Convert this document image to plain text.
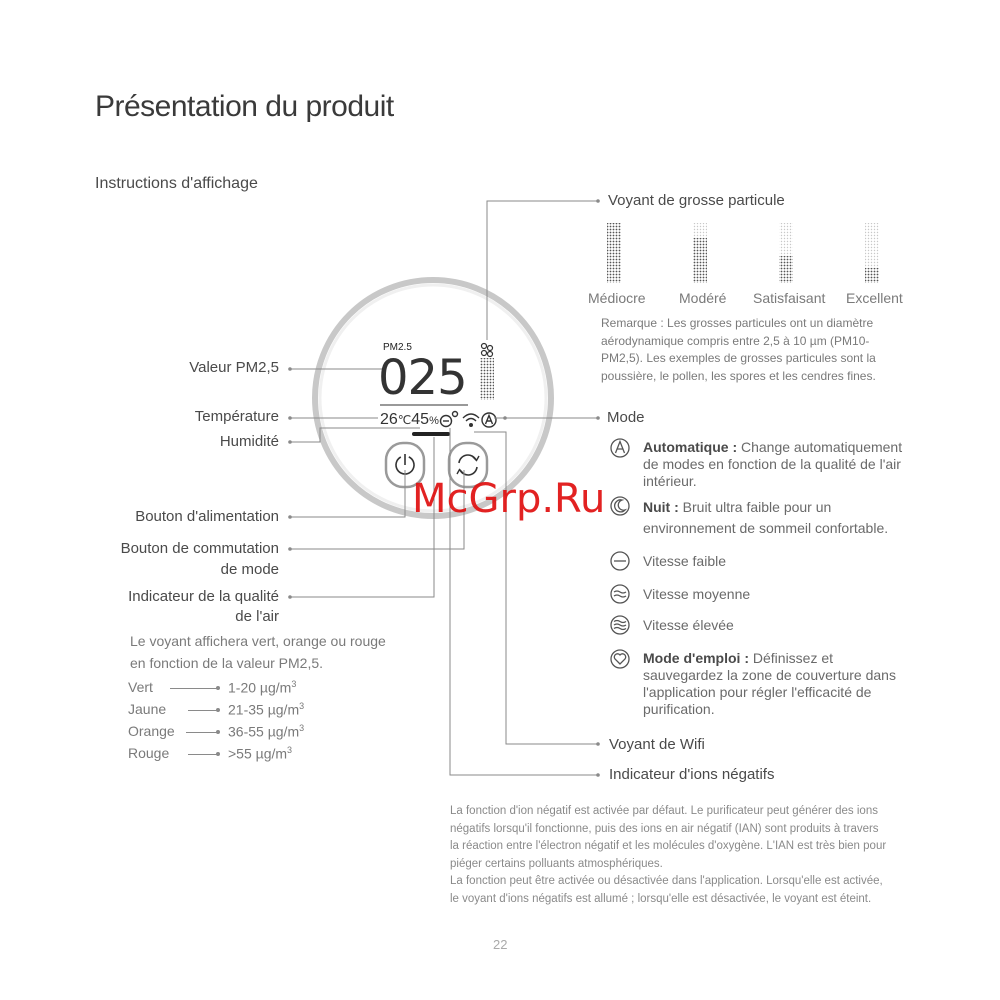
Présentation du produit
Instructions d'affichage
PM2.5
025
26℃45%
Valeur PM2,5
Température
Humidité
Bouton d'alimentation
Bouton de commutation
de mode
Indicateur de la qualité
de l'air
Le voyant affichera vert, orange ou rouge
en fonction de la valeur PM2,5.
Vert	1-20 $\mu g/m^3$
Jaune	21-35 $\mu g/m^3$
Orange	36-55 $\mu g/m^3$
Rouge	>55 $\mu g/m^3$
Voyant de grosse particule
Médiocre Modéré Satisfaisant Excellent
Remarque : Les grosses particules ont un diamètre
aérodynamique compris entre 2,5 à 10 µm (PM10-
PM2,5). Les exemples de grosses particules sont la
poussière, le pollen, les spores et les cendres fines.
Mode
Automatique : Change automatiquement
de modes en fonction de la qualité de l'air
intérieur.
Nuit : Bruit ultra faible pour un
environnement de sommeil confortable.
Vitesse faible
Vitesse moyenne
Vitesse élevée
Mode d'emploi : Définissez et
sauvegardez la zone de couverture dans
l'application pour régler l'efficacité de
purification.
Voyant de Wifi
Indicateur d'ions négatifs
La fonction d'ion négatif est activée par défaut. Le purificateur peut générer des ions
négatifs lorsqu'il fonctionne, puis des ions en air négatif (IAN) sont produits à travers
la réaction entre l'électron négatif et les molécules d'oxygène. L'IAN est très bien pour
piéger certains polluants atmosphériques.
La fonction peut être activée ou désactivée dans l'application. Lorsqu'elle est activée,
le voyant d'ions négatifs est allumé ; lorsqu'elle est désactivée, le voyant est éteint.
McGrp.Ru
22
